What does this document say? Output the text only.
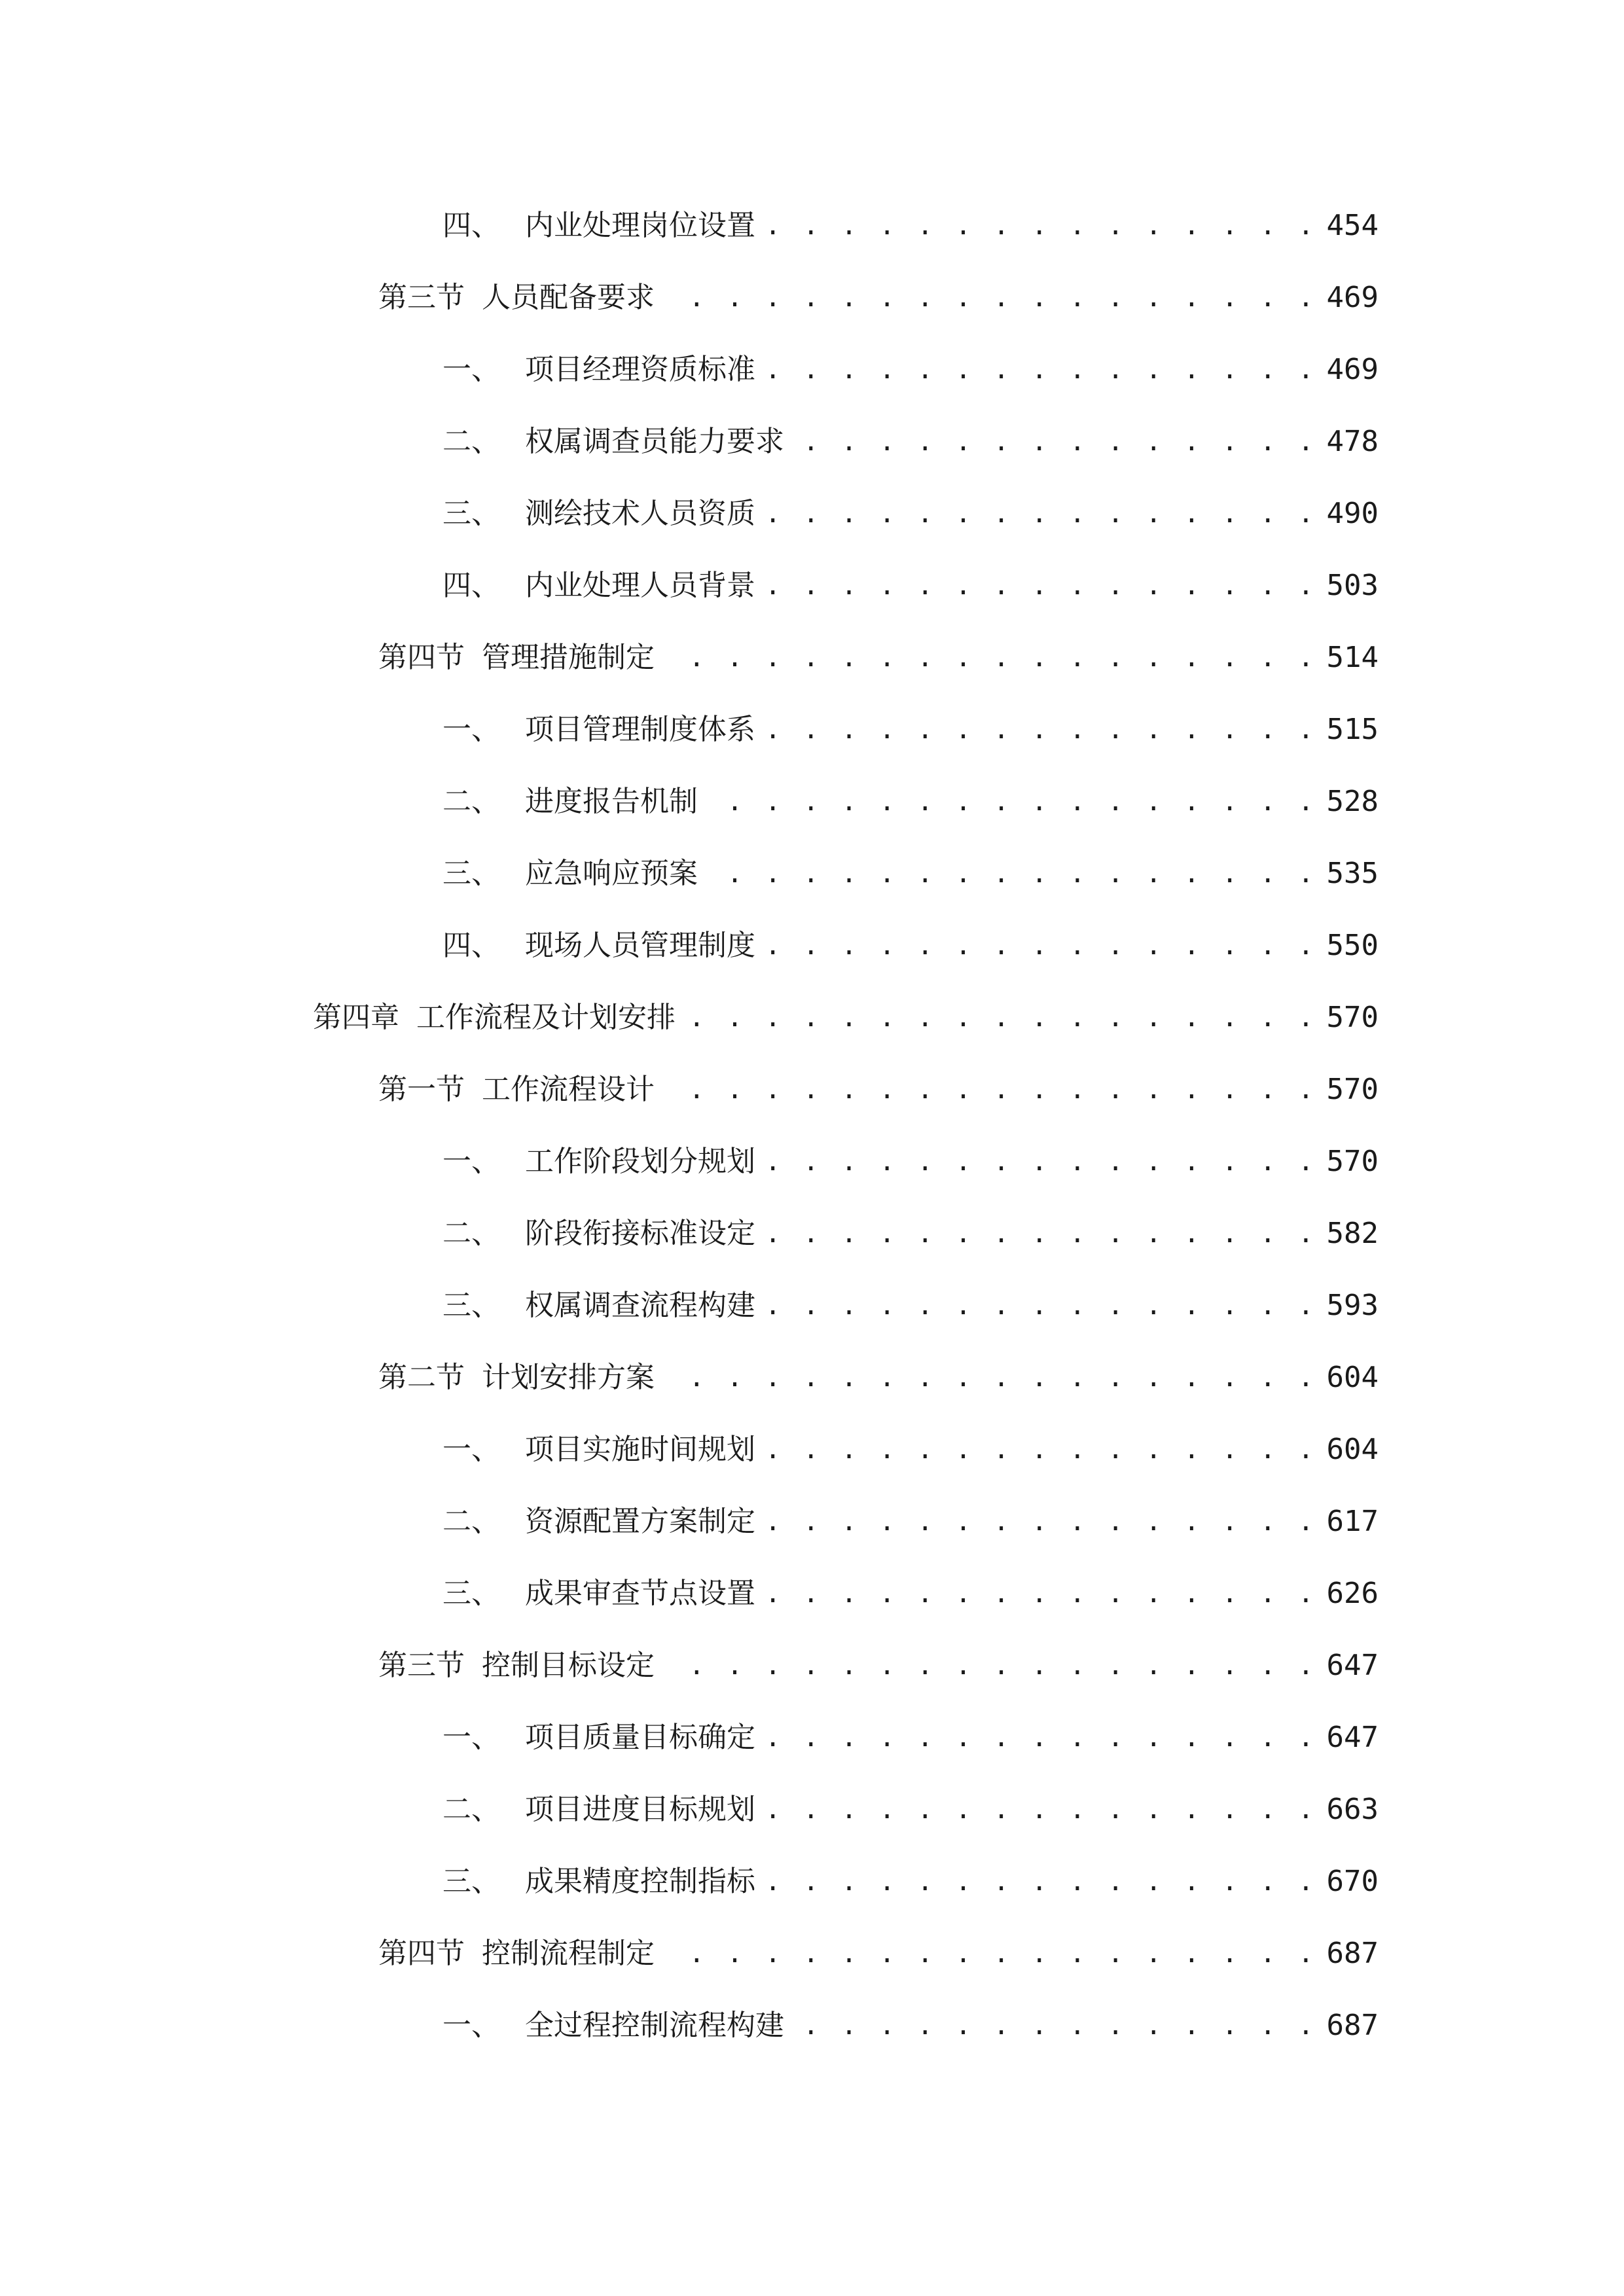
四、 内业处理岗位设置 . . .	454
第三节 人员配备要求 . . .	469
一、 项目经理资质标准 . . .	469
二、 权属调查员能力要求 . . .	478
三、 测绘技术人员资质 . . .	490
四、 内业处理人员背景 . . .	503
第四节 管理措施制定 . . .	514
一、 项目管理制度体系 . . .	515
二、 进度报告机制 . . .	528
三、 应急响应预案 . . .	535
四、 现场人员管理制度 . . .	550
第四章 工作流程及计划安排 . . .	570
第一节 工作流程设计 . . .	570
一、 工作阶段划分规划 . . .	570
二、 阶段衔接标准设定 . . .	582
三、 权属调查流程构建 . . .	593
第二节 计划安排方案 . . .	604
一、 项目实施时间规划 . . .	604
二、 资源配置方案制定 . . .	617
三、 成果审查节点设置 . . .	626
第三节 控制目标设定 . . .	647
一、 项目质量目标确定 . . .	647
二、 项目进度目标规划 . . .	663
三、 成果精度控制指标 . . .	670
第四节 控制流程制定 . . .	687
一、 全过程控制流程构建 . . .	687
